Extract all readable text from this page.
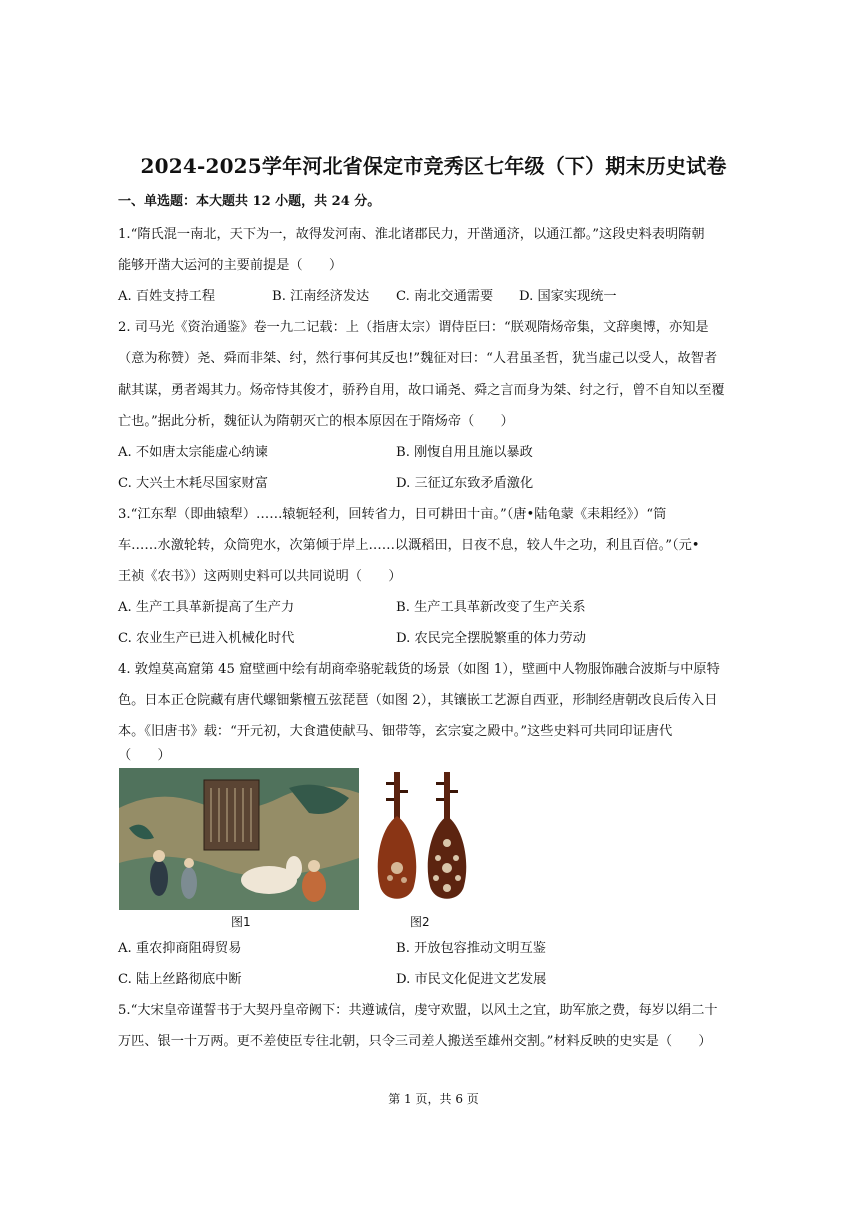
2024-2025学年河北省保定市竞秀区七年级（下）期末历史试卷
一、单选题：本大题共 12 小题，共 24 分。
1.“隋氏混一南北，天下为一，故得发河南、淮北诸郡民力，开凿通济，以通江都。”这段史料表明隋朝
能够开凿大运河的主要前提是（　　）
A. 百姓支持工程	B. 江南经济发达 C. 南北交通需要 D. 国家实现统一
2. 司马光《资治通鉴》卷一九二记载：上（指唐太宗）谓侍臣曰：“朕观隋炀帝集，文辞奥博，亦知是
（意为称赞）尧、舜而非桀、纣，然行事何其反也!”魏征对曰：“人君虽圣哲，犹当虚己以受人，故智者
献其谋，勇者竭其力。炀帝恃其俊才，骄矜自用，故口诵尧、舜之言而身为桀、纣之行，曾不自知以至覆
亡也。”据此分析，魏征认为隋朝灭亡的根本原因在于隋炀帝（　　）
A. 不如唐太宗能虚心纳谏	B. 刚愎自用且施以暴政
C. 大兴土木耗尽国家财富	D. 三征辽东致矛盾激化
3.“江东犁（即曲辕犁）……辕轭轻利，回转省力，日可耕田十亩。”（唐•陆龟蒙《耒耜经》）“筒
车……水激轮转，众筒兜水，次第倾于岸上……以溉稻田，日夜不息，较人牛之功，利且百倍。”（元•
王祯《农书》）这两则史料可以共同说明（　　）
A. 生产工具革新提高了生产力	B. 生产工具革新改变了生产关系
C. 农业生产已进入机械化时代	D. 农民完全摆脱繁重的体力劳动
4. 敦煌莫高窟第 45 窟壁画中绘有胡商牵骆驼载货的场景（如图 1），壁画中人物服饰融合波斯与中原特
色。日本正仓院藏有唐代螺钿紫檀五弦琵琶（如图 2），其镶嵌工艺源自西亚，形制经唐朝改良后传入日
本。《旧唐书》载：“开元初，大食遣使献马、钿带等，玄宗宴之殿中。”这些史料可共同印证唐代
（　　）
图1	图2
A. 重农抑商阻碍贸易	B. 开放包容推动文明互鉴
C. 陆上丝路彻底中断	D. 市民文化促进文艺发展
5.“大宋皇帝谨誓书于大契丹皇帝阙下：共遵诚信，虔守欢盟，以风土之宜，助军旅之费，每岁以绢二十
万匹、银一十万两。更不差使臣专往北朝，只令三司差人搬送至雄州交割。”材料反映的史实是（　　）
第 1 页，共 6 页
